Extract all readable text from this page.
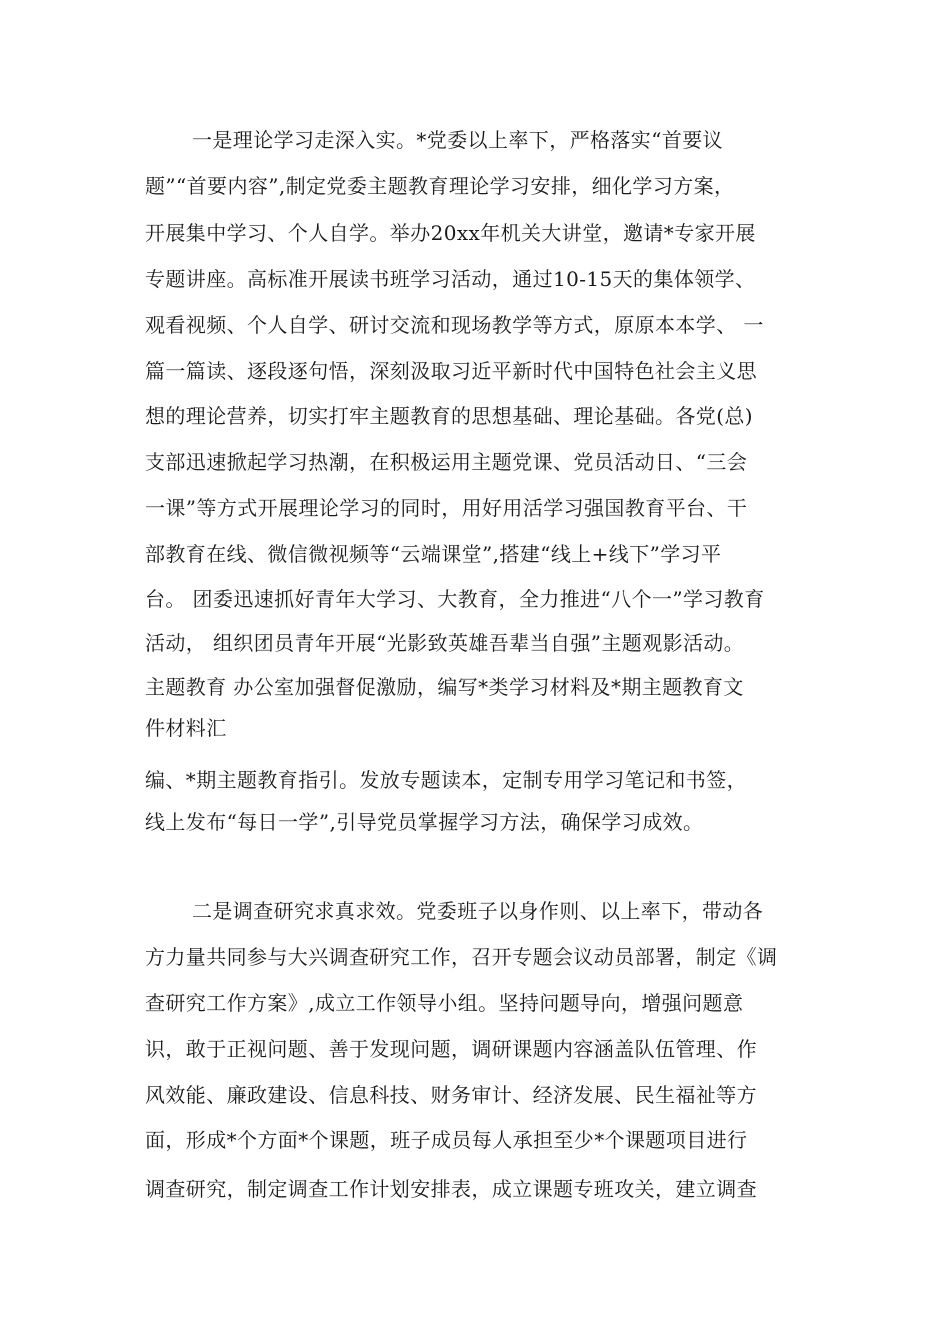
一是理论学习走深入实。*党委以上率下，严格落实“首要议
题”“首要内容”,制定党委主题教育理论学习安排，细化学习方案，
开展集中学习、个人自学。举办20xx年机关大讲堂，邀请*专家开展
专题讲座。高标准开展读书班学习活动，通过10-15天的集体领学、
观看视频、个人自学、研讨交流和现场教学等方式，原原本本学、 一
篇一篇读、逐段逐句悟，深刻汲取习近平新时代中国特色社会主义思
想的理论营养，切实打牢主题教育的思想基础、理论基础。各党(总)
支部迅速掀起学习热潮，在积极运用主题党课、党员活动日、“三会
一课”等方式开展理论学习的同时，用好用活学习强国教育平台、干
部教育在线、微信微视频等“云端课堂”,搭建“线上+线下”学习平
台。 团委迅速抓好青年大学习、大教育，全力推进“八个一”学习教育
活动， 组织团员青年开展“光影致英雄吾辈当自强”主题观影活动。
主题教育 办公室加强督促激励，编写*类学习材料及*期主题教育文
件材料汇
编、*期主题教育指引。发放专题读本，定制专用学习笔记和书签，
线上发布“每日一学”,引导党员掌握学习方法，确保学习成效。
二是调查研究求真求效。党委班子以身作则、以上率下，带动各
方力量共同参与大兴调查研究工作，召开专题会议动员部署，制定《调
查研究工作方案》,成立工作领导小组。坚持问题导向，增强问题意
识，敢于正视问题、善于发现问题，调研课题内容涵盖队伍管理、作
风效能、廉政建设、信息科技、财务审计、经济发展、民生福祉等方
面，形成*个方面*个课题，班子成员每人承担至少*个课题项目进行
调查研究，制定调查工作计划安排表，成立课题专班攻关，建立调查
